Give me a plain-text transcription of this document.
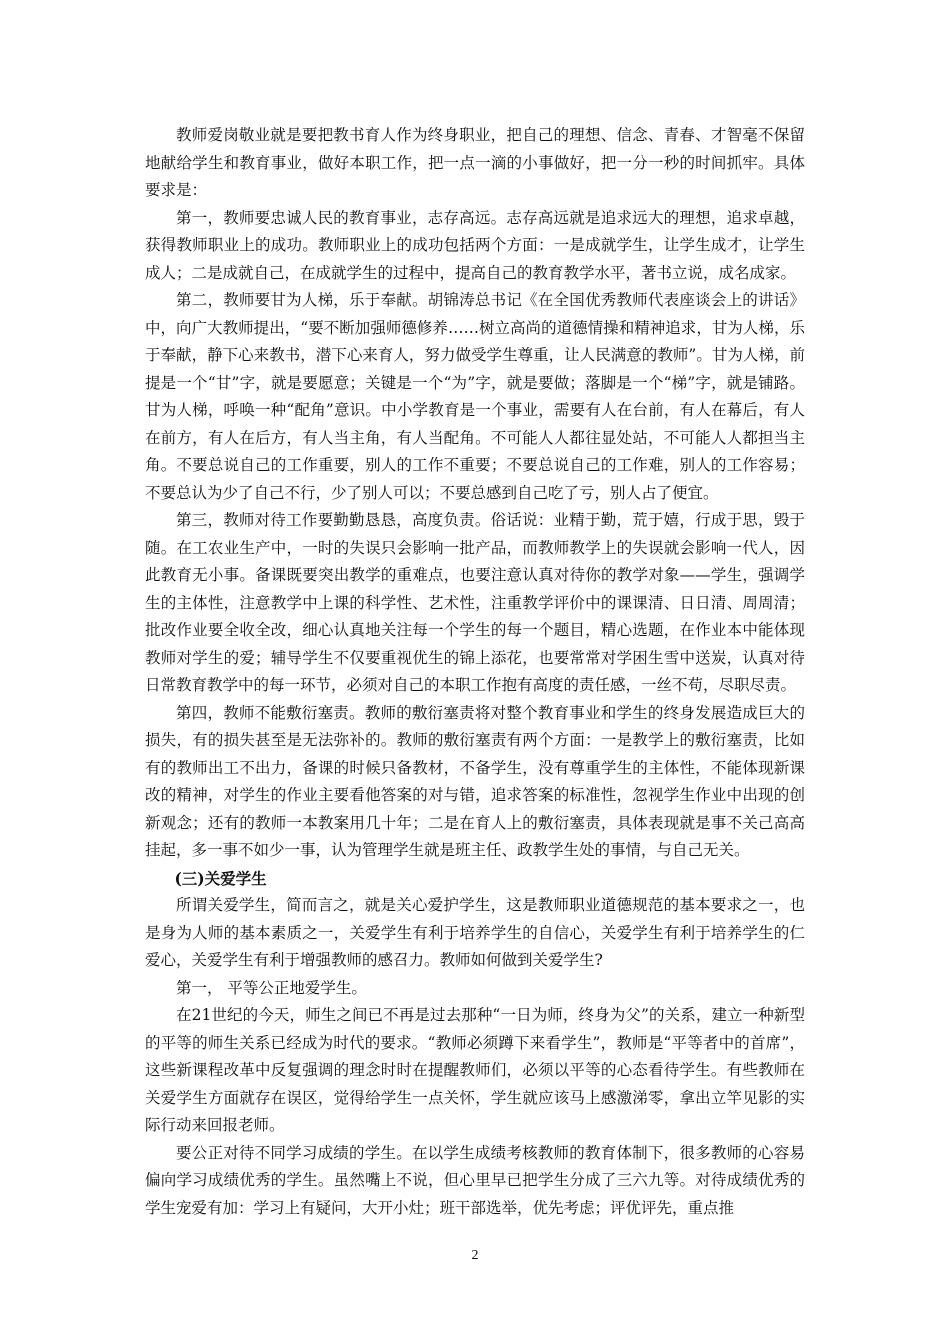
教师爱岗敬业就是要把教书育人作为终身职业，把自己的理想、信念、青春、才智毫不保留地献给学生和教育事业，做好本职工作，把一点一滴的小事做好，把一分一秒的时间抓牢。具体要求是：

第一，教师要忠诚人民的教育事业，志存高远。志存高远就是追求远大的理想，追求卓越，获得教师职业上的成功。教师职业上的成功包括两个方面：一是成就学生，让学生成才，让学生成人；二是成就自己，在成就学生的过程中，提高自己的教育教学水平，著书立说，成名成家。

第二，教师要甘为人梯，乐于奉献。胡锦涛总书记《在全国优秀教师代表座谈会上的讲话》中，向广大教师提出，“要不断加强师德修养……树立高尚的道德情操和精神追求，甘为人梯，乐于奉献，静下心来教书，潜下心来育人，努力做受学生尊重，让人民满意的教师”。甘为人梯，前提是一个“甘”字，就是要愿意；关键是一个“为”字，就是要做；落脚是一个“梯”字，就是铺路。甘为人梯，呼唤一种“配角”意识。中小学教育是一个事业，需要有人在台前，有人在幕后，有人在前方，有人在后方，有人当主角，有人当配角。不可能人人都往显处站，不可能人人都担当主角。不要总说自己的工作重要，别人的工作不重要；不要总说自己的工作难，别人的工作容易；不要总认为少了自己不行，少了别人可以；不要总感到自己吃了亏，别人占了便宜。

第三，教师对待工作要勤勤恳恳，高度负责。俗话说：业精于勤，荒于嬉，行成于思，毁于随。在工农业生产中，一时的失误只会影响一批产品，而教师教学上的失误就会影响一代人，因此教育无小事。备课既要突出教学的重难点，也要注意认真对待你的教学对象——学生，强调学生的主体性，注意教学中上课的科学性、艺术性，注重教学评价中的课课清、日日清、周周清；批改作业要全收全改，细心认真地关注每一个学生的每一个题目，精心选题，在作业本中能体现教师对学生的爱；辅导学生不仅要重视优生的锦上添花，也要常常对学困生雪中送炭，认真对待日常教育教学中的每一环节，必须对自己的本职工作抱有高度的责任感，一丝不苟，尽职尽责。

第四，教师不能敷衍塞责。教师的敷衍塞责将对整个教育事业和学生的终身发展造成巨大的损失，有的损失甚至是无法弥补的。教师的敷衍塞责有两个方面：一是教学上的敷衍塞责，比如有的教师出工不出力，备课的时候只备教材，不备学生，没有尊重学生的主体性，不能体现新课改的精神，对学生的作业主要看他答案的对与错，追求答案的标准性，忽视学生作业中出现的创新观念；还有的教师一本教案用几十年；二是在育人上的敷衍塞责，具体表现就是事不关己高高挂起，多一事不如少一事，认为管理学生就是班主任、政教学生处的事情，与自己无关。

(三)关爱学生

所谓关爱学生，简而言之，就是关心爱护学生，这是教师职业道德规范的基本要求之一，也是身为人师的基本素质之一，关爱学生有利于培养学生的自信心，关爱学生有利于培养学生的仁爱心，关爱学生有利于增强教师的感召力。教师如何做到关爱学生?

第一， 平等公正地爱学生。

在21世纪的今天，师生之间已不再是过去那种“一日为师，终身为父”的关系，建立一种新型的平等的师生关系已经成为时代的要求。“教师必须蹲下来看学生”，教师是“平等者中的首席”，这些新课程改革中反复强调的理念时时在提醒教师们，必须以平等的心态看待学生。有些教师在关爱学生方面就存在误区，觉得给学生一点关怀，学生就应该马上感激涕零，拿出立竿见影的实际行动来回报老师。

要公正对待不同学习成绩的学生。在以学生成绩考核教师的教育体制下，很多教师的心容易偏向学习成绩优秀的学生。虽然嘴上不说，但心里早已把学生分成了三六九等。对待成绩优秀的学生宠爱有加：学习上有疑问，大开小灶；班干部选举，优先考虑；评优评先，重点推

2
